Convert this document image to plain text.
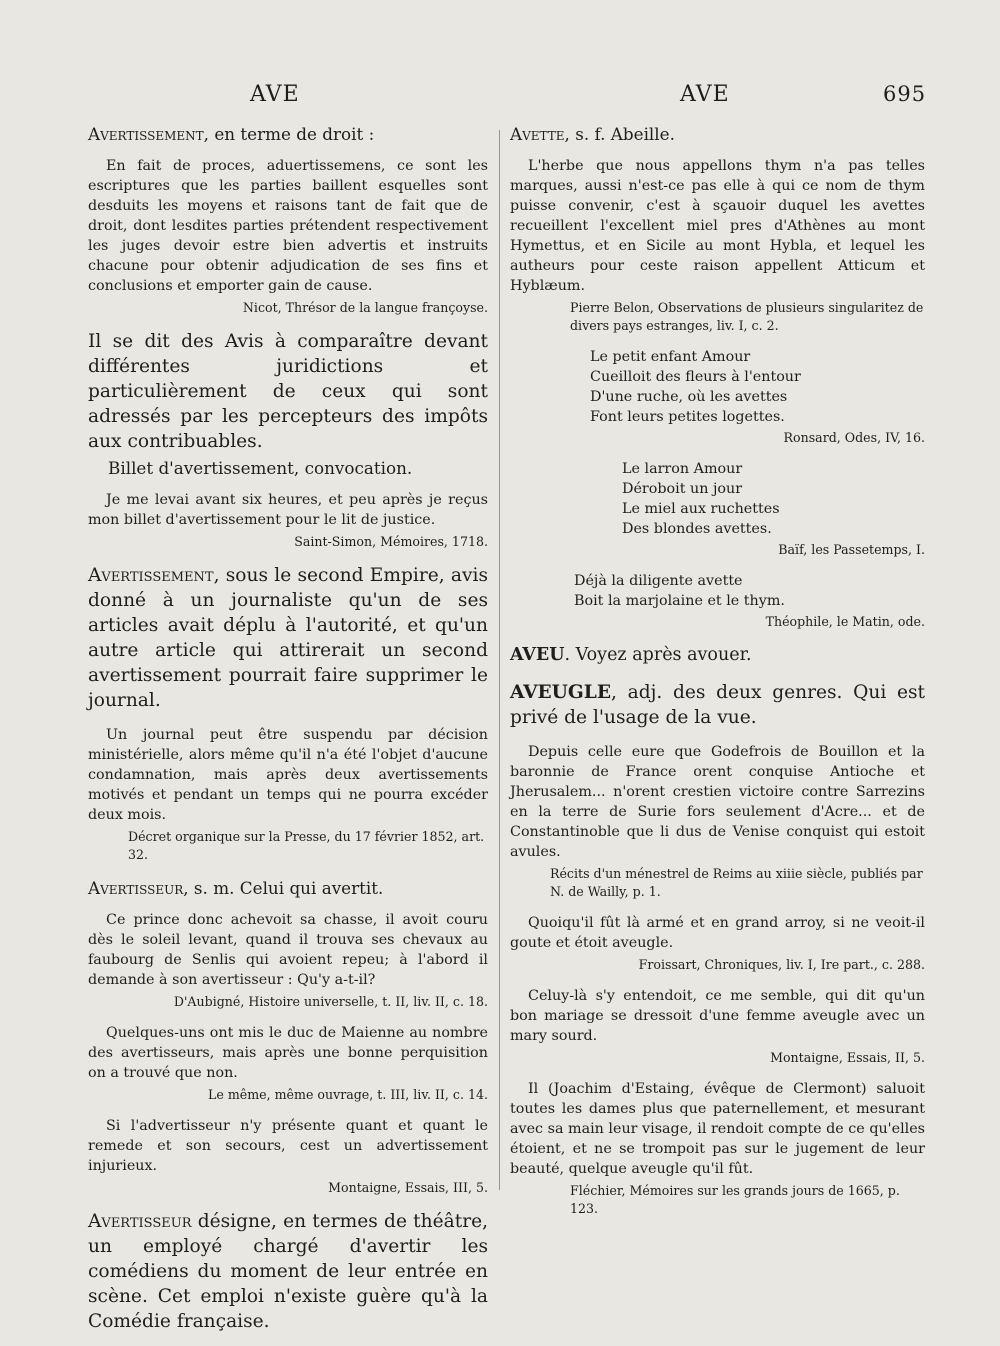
AVE	AVE	695

Avertissement, en terme de droit :

En fait de proces, aduertissemens, ce sont les escriptures que les parties baillent esquelles sont desduits les moyens et raisons tant de fait que de droit, dont lesdites parties prétendent respectivement les juges devoir estre bien advertis et instruits chacune pour obtenir adjudication de ses fins et conclusions et emporter gain de cause.

Nicot, Thrésor de la langue françoyse.

Il se dit des Avis à comparaître devant différentes juridictions et particulièrement de ceux qui sont adressés par les percepteurs des impôts aux contribuables.

Billet d'avertissement, convocation.

Je me levai avant six heures, et peu après je reçus mon billet d'avertissement pour le lit de justice.

Saint-Simon, Mémoires, 1718.

Avertissement, sous le second Empire, avis donné à un journaliste qu'un de ses articles avait déplu à l'autorité, et qu'un autre article qui attirerait un second avertissement pourrait faire supprimer le journal.

Un journal peut être suspendu par décision ministérielle, alors même qu'il n'a été l'objet d'aucune condamnation, mais après deux avertissements motivés et pendant un temps qui ne pourra excéder deux mois.

Décret organique sur la Presse, du 17 février 1852, art. 32.

Avertisseur, s. m. Celui qui avertit.

Ce prince donc achevoit sa chasse, il avoit couru dès le soleil levant, quand il trouva ses chevaux au faubourg de Senlis qui avoient repeu; à l'abord il demande à son avertisseur : Qu'y a-t-il?

D'Aubigné, Histoire universelle, t. II, liv. II, c. 18.

Quelques-uns ont mis le duc de Maienne au nombre des avertisseurs, mais après une bonne perquisition on a trouvé que non.

Le même, même ouvrage, t. III, liv. II, c. 14.

Si l'advertisseur n'y présente quant et quant le remede et son secours, cest un advertissement injurieux.

Montaigne, Essais, III, 5.

Avertisseur désigne, en termes de théâtre, un employé chargé d'avertir les comédiens du moment de leur entrée en scène. Cet emploi n'existe guère qu'à la Comédie française.

Avette, s. f. Abeille.

L'herbe que nous appellons thym n'a pas telles marques, aussi n'est-ce pas elle à qui ce nom de thym puisse convenir, c'est à sçauoir duquel les avettes recueillent l'excellent miel pres d'Athènes au mont Hymettus, et en Sicile au mont Hybla, et lequel les autheurs pour ceste raison appellent Atticum et Hyblæum.

Pierre Belon, Observations de plusieurs singularitez de divers pays estranges, liv. I, c. 2.

Le petit enfant Amour

Cueilloit des fleurs à l'entour

D'une ruche, où les avettes

Font leurs petites logettes.

Ronsard, Odes, IV, 16.

Le larron Amour

Déroboit un jour

Le miel aux ruchettes

Des blondes avettes.

Baïf, les Passetemps, I.

Déjà la diligente avette

Boit la marjolaine et le thym.

Théophile, le Matin, ode.

AVEU. Voyez après avouer.

AVEUGLE, adj. des deux genres. Qui est privé de l'usage de la vue.

Depuis celle eure que Godefrois de Bouillon et la baronnie de France orent conquise Antioche et Jherusalem... n'orent crestien victoire contre Sarrezins en la terre de Surie fors seulement d'Acre... et de Constantinoble que li dus de Venise conquist qui estoit avules.

Récits d'un ménestrel de Reims au xiiie siècle, publiés par N. de Wailly, p. 1.

Quoiqu'il fût là armé et en grand arroy, si ne veoit-il goute et étoit aveugle.

Froissart, Chroniques, liv. I, Ire part., c. 288.

Celuy-là s'y entendoit, ce me semble, qui dit qu'un bon mariage se dressoit d'une femme aveugle avec un mary sourd.

Montaigne, Essais, II, 5.

Il (Joachim d'Estaing, évêque de Clermont) saluoit toutes les dames plus que paternellement, et mesurant avec sa main leur visage, il rendoit compte de ce qu'elles étoient, et ne se trompoit pas sur le jugement de leur beauté, quelque aveugle qu'il fût.

Fléchier, Mémoires sur les grands jours de 1665, p. 123.
